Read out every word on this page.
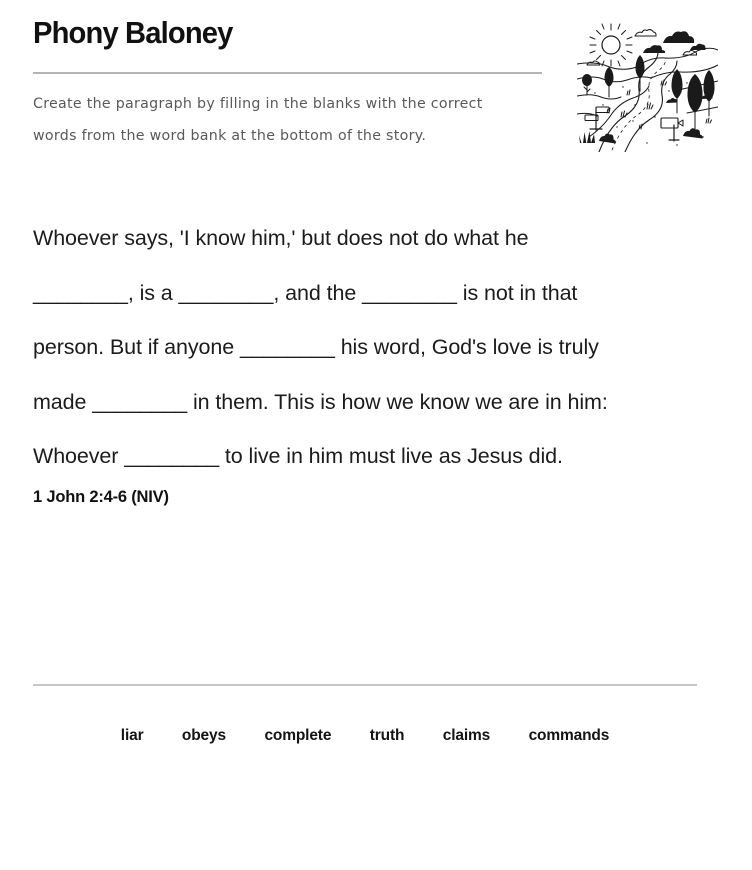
Phony Baloney
Create the paragraph by filling in the blanks with the correct
words from the word bank at the bottom of the story.
Whoever says, 'I know him,' but does not do what he
________, is a ________, and the ________ is not in that
person. But if anyone ________ his word, God's love is truly
made ________ in them. This is how we know we are in him:
Whoever ________ to live in him must live as Jesus did.
1 John 2:4-6 (NIV)
liar obeys complete truth claims commands
